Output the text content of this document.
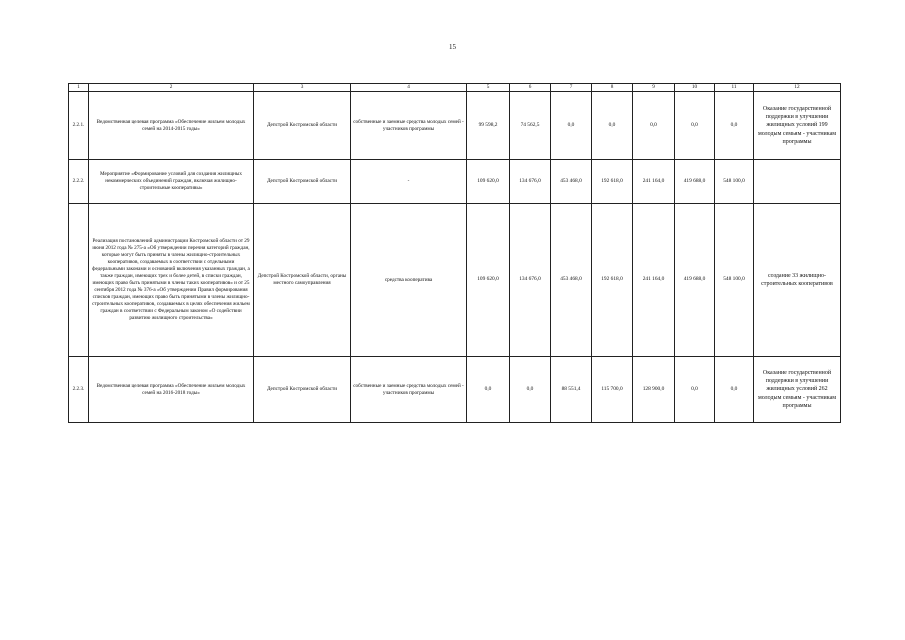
15
1	2	3	4	5	6	7	8	9	10	11	12
2.2.1.	Ведомственная целевая программа «Обеспечение жильем молодых семей на 2014-2015 годы»	Депстрой Костромской области	собственные и заемные средства молодых семей - участников программы	99 598,2	74 562,5	0,0	0,0	0,0	0,0	0,0	Оказание государственной поддержки в улучшении жилищных условий 199 молодым семьям - участникам программы
2.2.2.	Мероприятие «Формирование условий для создания жилищных некоммерческих объединений граждан, включая жилищно-строительные кооперативы»	Депстрой Костромской области	-	109 620,0	134 676,0	453 468,0	192 618,0	241 164,0	419 688,0	548 100,0	
	Реализация постановлений администрации Костромской области от 29 июня 2012 года № 275-а «Об утверждении перечня категорий граждан, которые могут быть приняты в члены жилищно-строительных кооперативов, создаваемых в соответствии с отдельными федеральными законами и оснований включения указанных граждан, а также граждан, имеющих трех и более детей, в списки граждан, имеющих право быть принятыми в члены таких кооперативов» и от 25 сентября 2012 года № 376-а «Об утверждении Правил формирования списков граждан, имеющих право быть принятыми в члены жилищно-строительных кооперативов, создаваемых в целях обеспечения жильем граждан в соответствии с Федеральным законом «О содействии развитию жилищного строительства»	Депстрой Костромской области, органы местного самоуправления	средства кооператива	109 620,0	134 676,0	453 468,0	192 618,0	241 164,0	419 688,0	548 100,0	создание 33 жилищно-строительных кооперативов
2.2.3.	Ведомственная целевая программа «Обеспечение жильем молодых семей на 2016-2018 годы»	Депстрой Костромской области	собственные и заемные средства молодых семей - участников программы	0,0	0,0	88 551,4	115 700,0	128 900,0	0,0	0,0	Оказание государственной поддержки в улучшении жилищных условий 262 молодым семьям - участникам программы
